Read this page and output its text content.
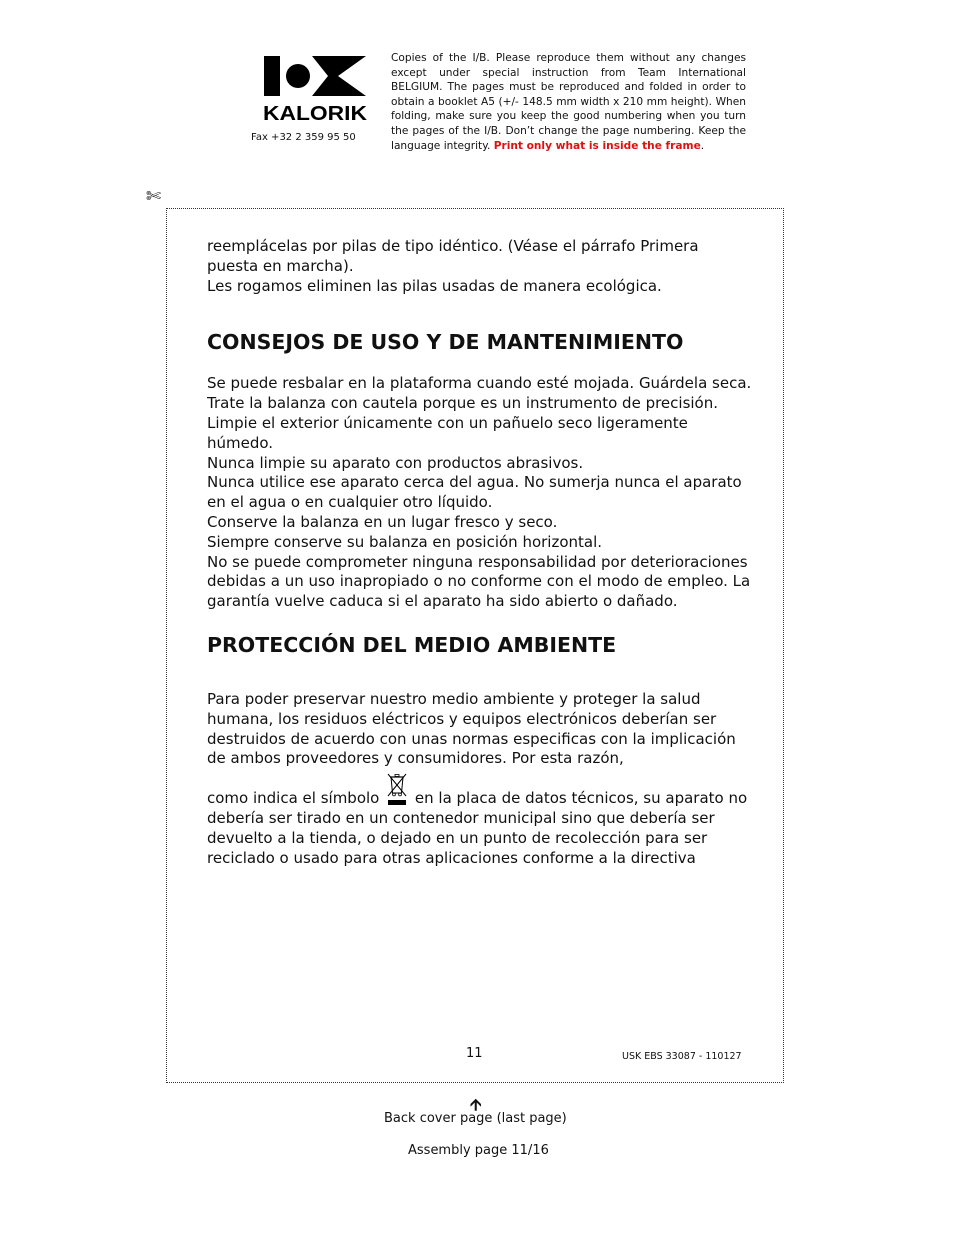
KALORIK
Fax +32 2 359 95 50
Copies of the I/B. Please reproduce them without any changes except under special instruction from Team International BELGIUM. The pages must be reproduced and folded in order to obtain a booklet A5 (+/- 148.5 mm width x 210 mm height). When folding, make sure you keep the good numbering when you turn the pages of the I/B. Don’t change the page numbering. Keep the language integrity. Print only what is inside the frame.
✄

reemplácelas por pilas de tipo idéntico. (Véase el párrafo Primera puesta en marcha).

Les rogamos eliminen las pilas usadas de manera ecológica.

CONSEJOS DE USO Y DE MANTENIMIENTO

Se puede resbalar en la plataforma cuando esté mojada. Guárdela seca.

Trate la balanza con cautela porque es un instrumento de precisión.

Limpie el exterior únicamente con un pañuelo seco ligeramente húmedo.

Nunca limpie su aparato con productos abrasivos.

Nunca utilice ese aparato cerca del agua. No sumerja nunca el aparato en el agua o en cualquier otro líquido.

Conserve la balanza en un lugar fresco y seco.

Siempre conserve su balanza en posición horizontal.

No se puede comprometer ninguna responsabilidad por deterioraciones debidas a un uso inapropiado o no conforme con el modo de empleo. La garantía vuelve caduca si el aparato ha sido abierto o dañado.

PROTECCIÓN DEL MEDIO AMBIENTE

Para poder preservar nuestro medio ambiente y proteger la salud humana, los residuos eléctricos y equipos electrónicos deberían ser destruidos de acuerdo con unas normas especificas con la implicación de ambos proveedores y consumidores. Por esta razón,

como indica el símbolo  en la placa de datos técnicos, su aparato no debería ser tirado en un contenedor municipal sino que debería ser devuelto a la tienda, o dejado en un punto de recolección para ser reciclado o usado para otras aplicaciones conforme a la directiva

11	USK EBS 33087 - 110127
🡩
Back cover page (last page)
Assembly page 11/16
